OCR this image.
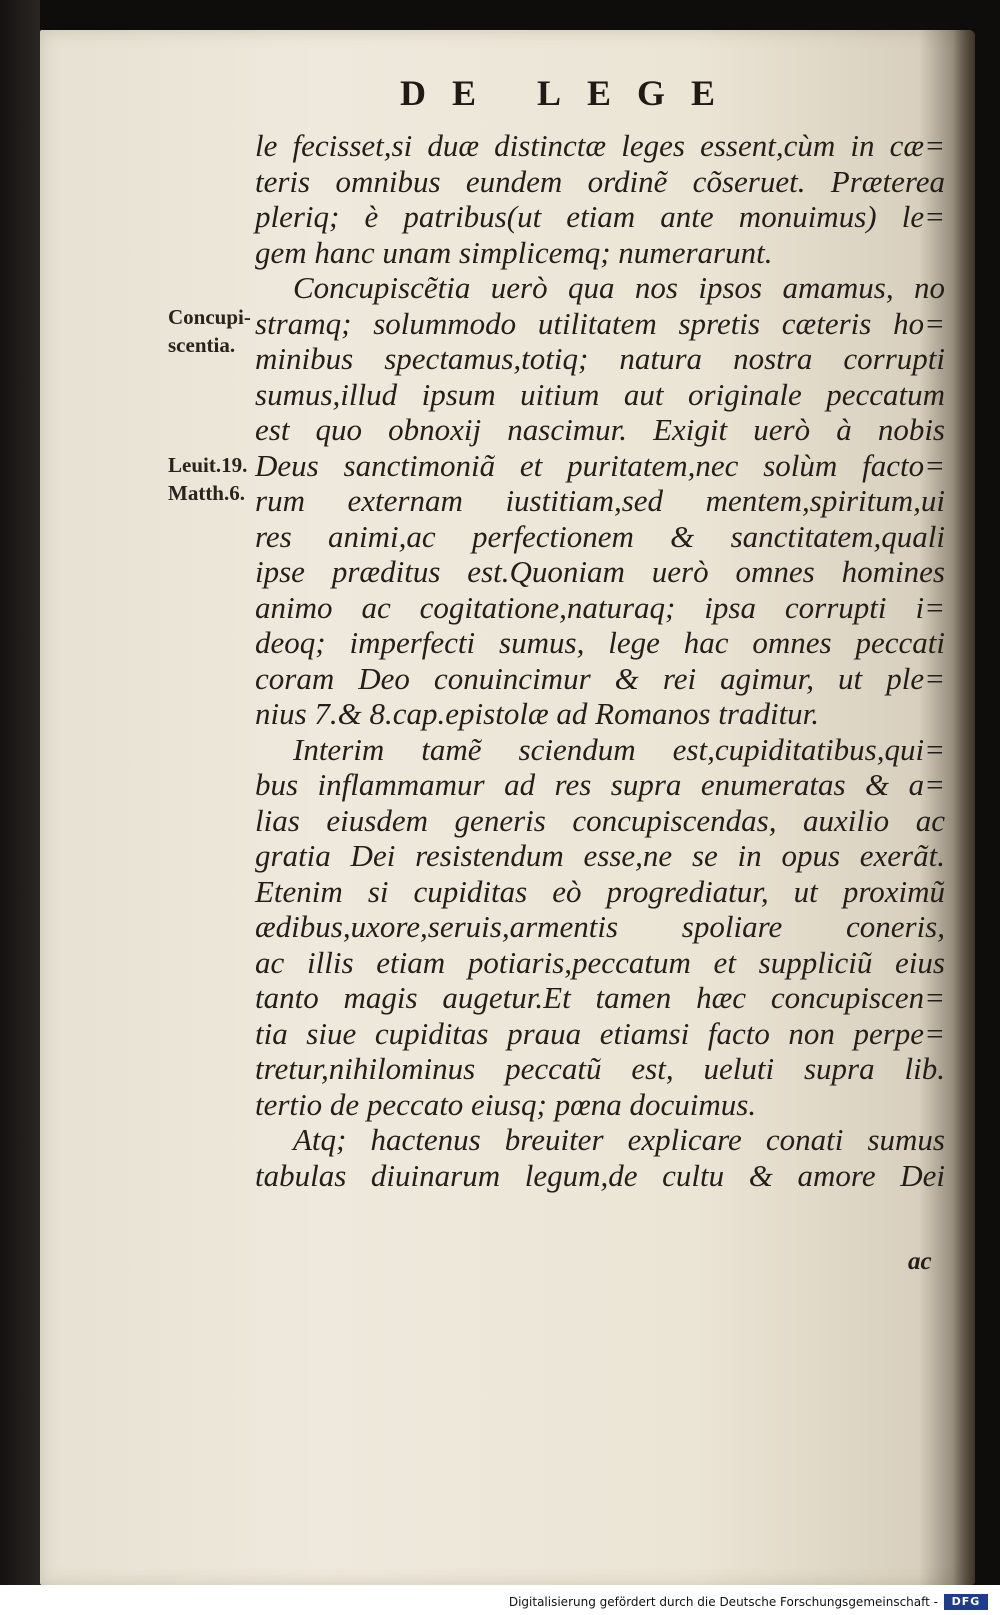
DE LEGE
Concupi-
scentia.
Leuit.19.
Matth.6.
le fecisset,si duæ distinctæ leges essent,cùm in cæ=
teris omnibus eundem ordinẽ cõseruet. Præterea
pleriq; è patribus(ut etiam ante monuimus) le=
gem hanc unam simplicemq; numerarunt.
Concupiscẽtia uerò qua nos ipsos amamus, no
stramq; solummodo utilitatem spretis cæteris ho=
minibus spectamus,totiq; natura nostra corrupti
sumus,illud ipsum uitium aut originale peccatum
est quo obnoxij nascimur. Exigit uerò à nobis
Deus sanctimoniã et puritatem,nec solùm facto=
rum externam iustitiam,sed mentem,spiritum,ui
res animi,ac perfectionem & sanctitatem,quali
ipse præditus est.Quoniam uerò omnes homines
animo ac cogitatione,naturaq; ipsa corrupti i=
deoq; imperfecti sumus, lege hac omnes peccati
coram Deo conuincimur & rei agimur, ut ple=
nius 7.& 8.cap.epistolæ ad Romanos traditur.
Interim tamẽ sciendum est,cupiditatibus,qui=
bus inflammamur ad res supra enumeratas & a=
lias eiusdem generis concupiscendas, auxilio ac
gratia Dei resistendum esse,ne se in opus exerãt.
Etenim si cupiditas eò progrediatur, ut proximũ
ædibus,uxore,seruis,armentis spoliare coneris,
ac illis etiam potiaris,peccatum et suppliciũ eius
tanto magis augetur.Et tamen hæc concupiscen=
tia siue cupiditas praua etiamsi facto non perpe=
tretur,nihilominus peccatũ est, ueluti supra lib.
tertio de peccato eiusq; pœna docuimus.
Atq; hactenus breuiter explicare conati sumus
tabulas diuinarum legum,de cultu & amore Dei
ac
Digitalisierung gefördert durch die Deutsche Forschungsgemeinschaft -	DFG
